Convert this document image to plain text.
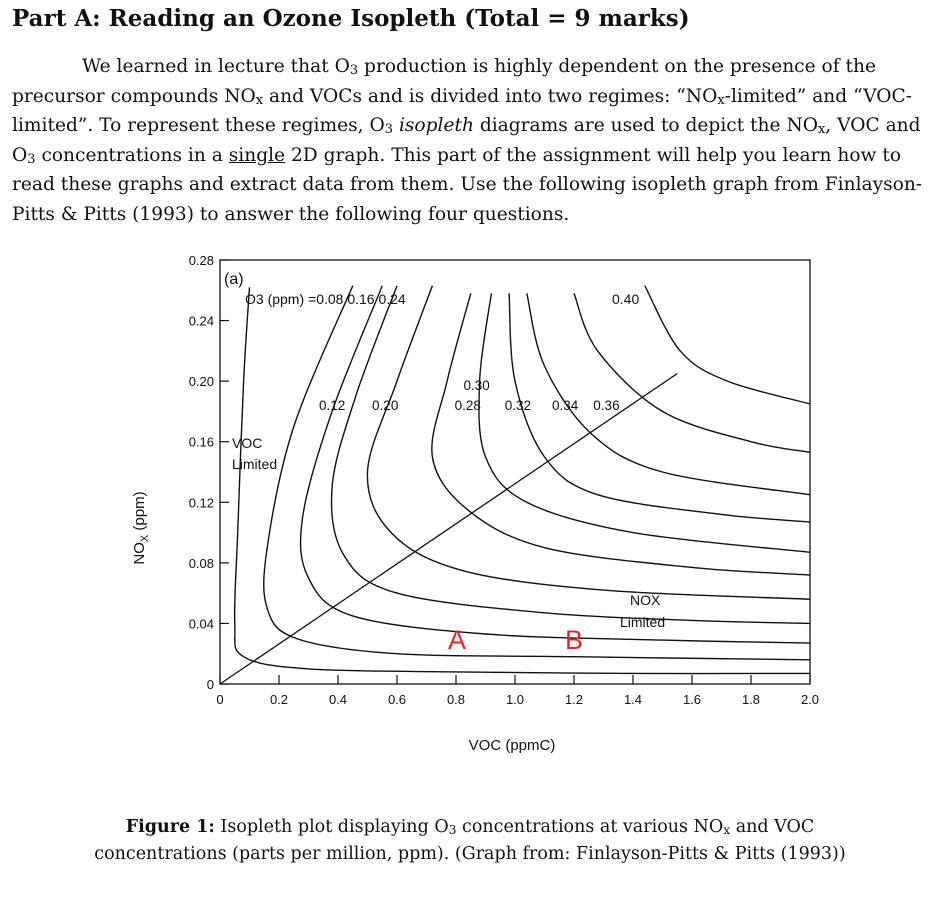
Part A: Reading an Ozone Isopleth (Total = 9 marks)

We learned in lecture that $O_3$ production is highly dependent on the presence of the precursor compounds $NO_x$ and VOCs and is divided into two regimes: “$NO_x$-limited” and “VOC-limited”. To represent these regimes, $O_3$ isopleth diagrams are used to depict the $NO_x$, VOC and $O_3$ concentrations in a single 2D graph. This part of the assignment will help you learn how to read these graphs and extract data from them. Use the following isopleth graph from Finlayson-Pitts & Pitts (1993) to answer the following four questions.

0
0.04
0.08
0.12
0.16
0.20
0.24
0.28
0	0.2	0.4	0.6	0.8	1.0	1.2	1.4	1.6	1.8	2.0
0.12 0.20
0.30
0.28 0.32 0.34 0.36
(a)
O3 (ppm) =0.08 0.16 0.24	0.40
VOC
Limited
NOX
Limited
A	B
VOC (ppmC)
$NO_X$ (ppm)

Figure 1: Isopleth plot displaying $O_3$ concentrations at various $NO_x$ and VOC concentrations (parts per million, ppm). (Graph from: Finlayson-Pitts & Pitts (1993))
